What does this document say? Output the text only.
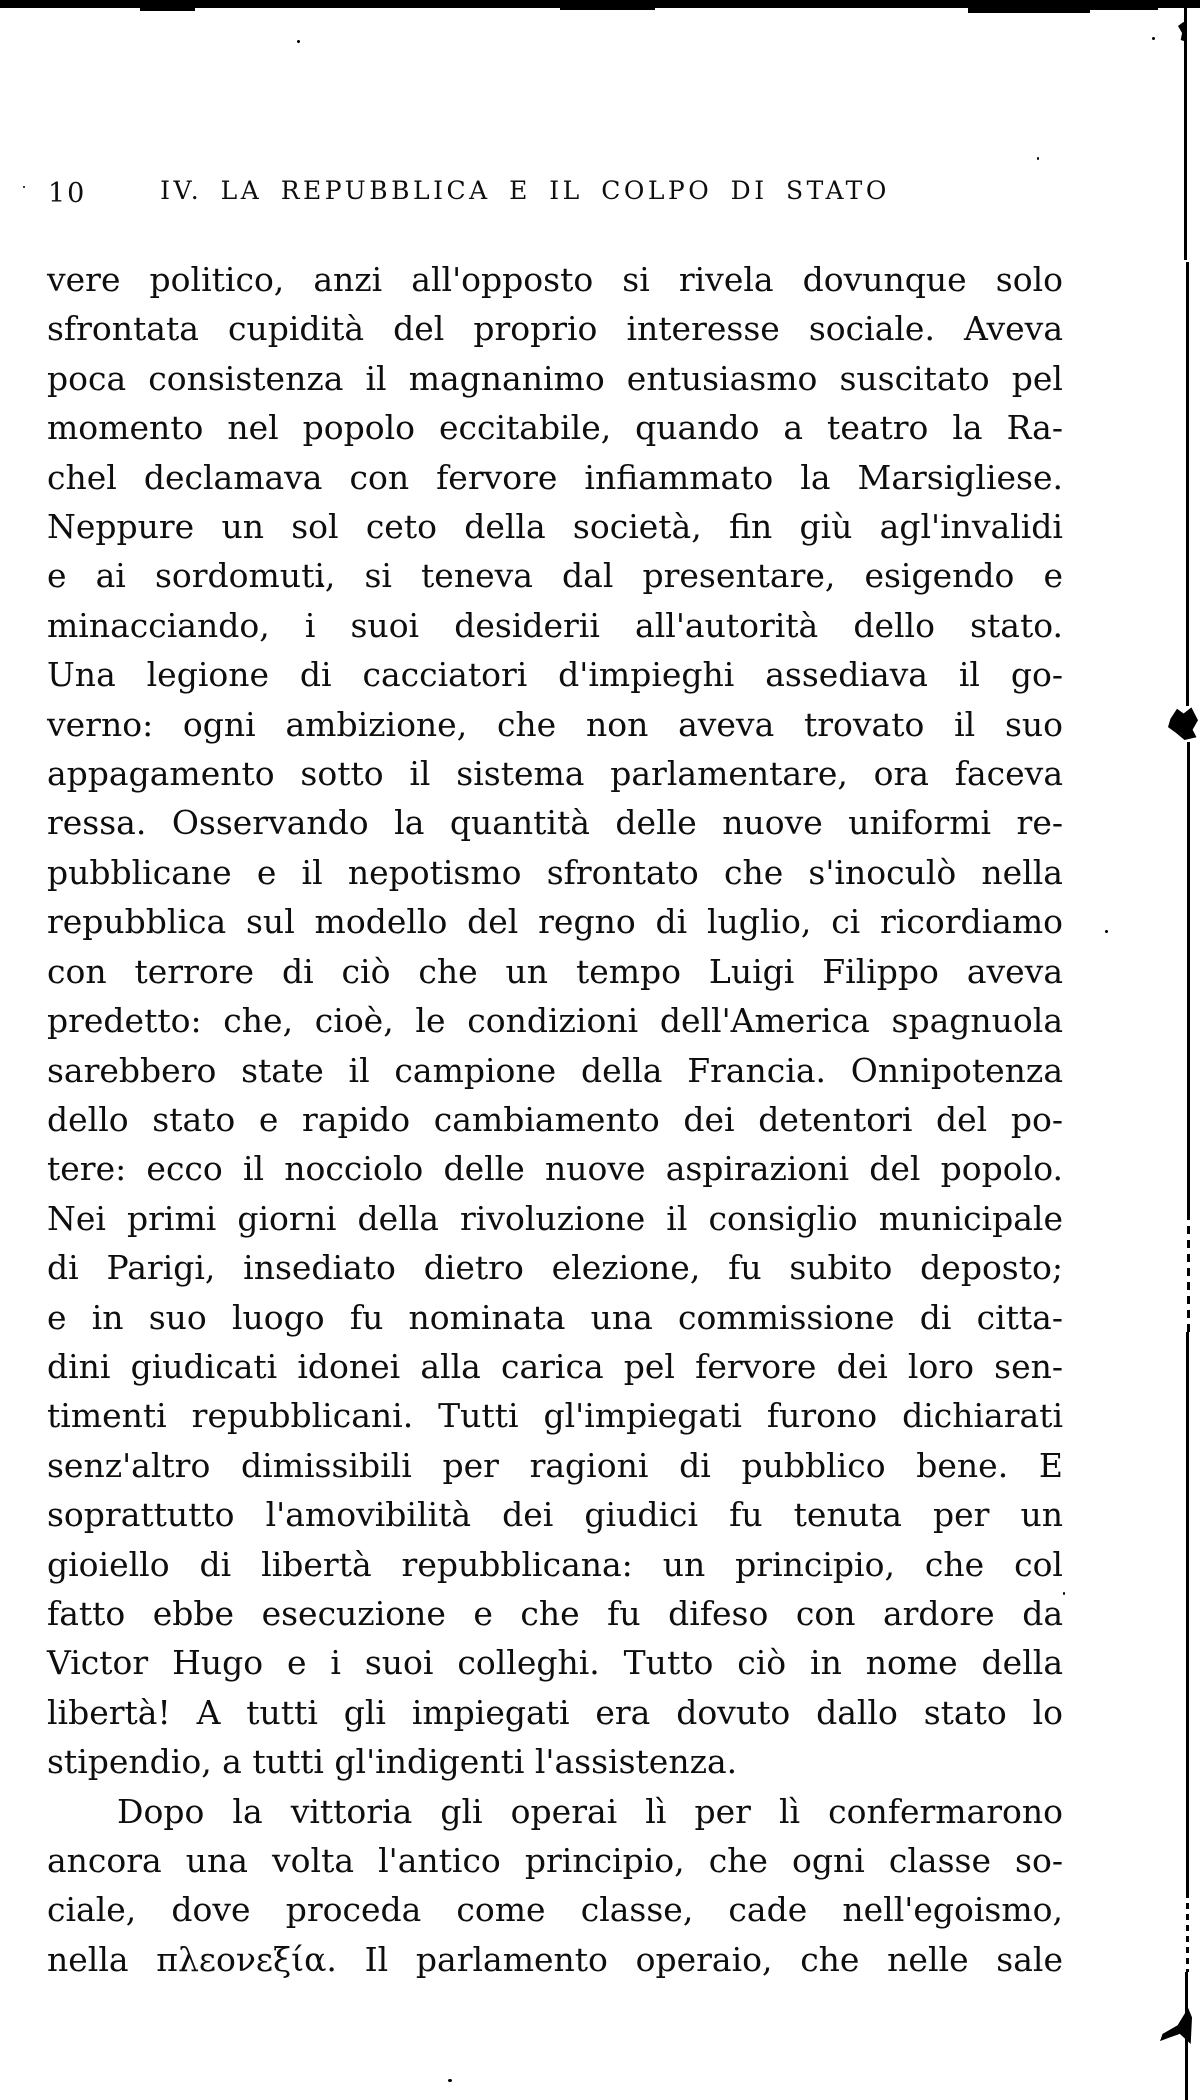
10	IV. LA REPUBBLICA E IL COLPO DI STATO
vere politico, anzi all'opposto si rivela dovunque solo
sfrontata cupidità del proprio interesse sociale. Aveva
poca consistenza il magnanimo entusiasmo suscitato pel
momento nel popolo eccitabile, quando a teatro la Ra-
chel declamava con fervore infiammato la Marsigliese.
Neppure un sol ceto della società, fin giù agl'invalidi
e ai sordomuti, si teneva dal presentare, esigendo e
minacciando, i suoi desiderii all'autorità dello stato.
Una legione di cacciatori d'impieghi assediava il go-
verno: ogni ambizione, che non aveva trovato il suo
appagamento sotto il sistema parlamentare, ora faceva
ressa. Osservando la quantità delle nuove uniformi re-
pubblicane e il nepotismo sfrontato che s'inoculò nella
repubblica sul modello del regno di luglio, ci ricordiamo
con terrore di ciò che un tempo Luigi Filippo aveva
predetto: che, cioè, le condizioni dell'America spagnuola
sarebbero state il campione della Francia. Onnipotenza
dello stato e rapido cambiamento dei detentori del po-
tere: ecco il nocciolo delle nuove aspirazioni del popolo.
Nei primi giorni della rivoluzione il consiglio municipale
di Parigi, insediato dietro elezione, fu subito deposto;
e in suo luogo fu nominata una commissione di citta-
dini giudicati idonei alla carica pel fervore dei loro sen-
timenti repubblicani. Tutti gl'impiegati furono dichiarati
senz'altro dimissibili per ragioni di pubblico bene. E
soprattutto l'amovibilità dei giudici fu tenuta per un
gioiello di libertà repubblicana: un principio, che col
fatto ebbe esecuzione e che fu difeso con ardore da
Victor Hugo e i suoi colleghi. Tutto ciò in nome della
libertà! A tutti gli impiegati era dovuto dallo stato lo
stipendio, a tutti gl'indigenti l'assistenza.
Dopo la vittoria gli operai lì per lì confermarono
ancora una volta l'antico principio, che ogni classe so-
ciale, dove proceda come classe, cade nell'egoismo,
nella πλεονεξία. Il parlamento operaio, che nelle sale
